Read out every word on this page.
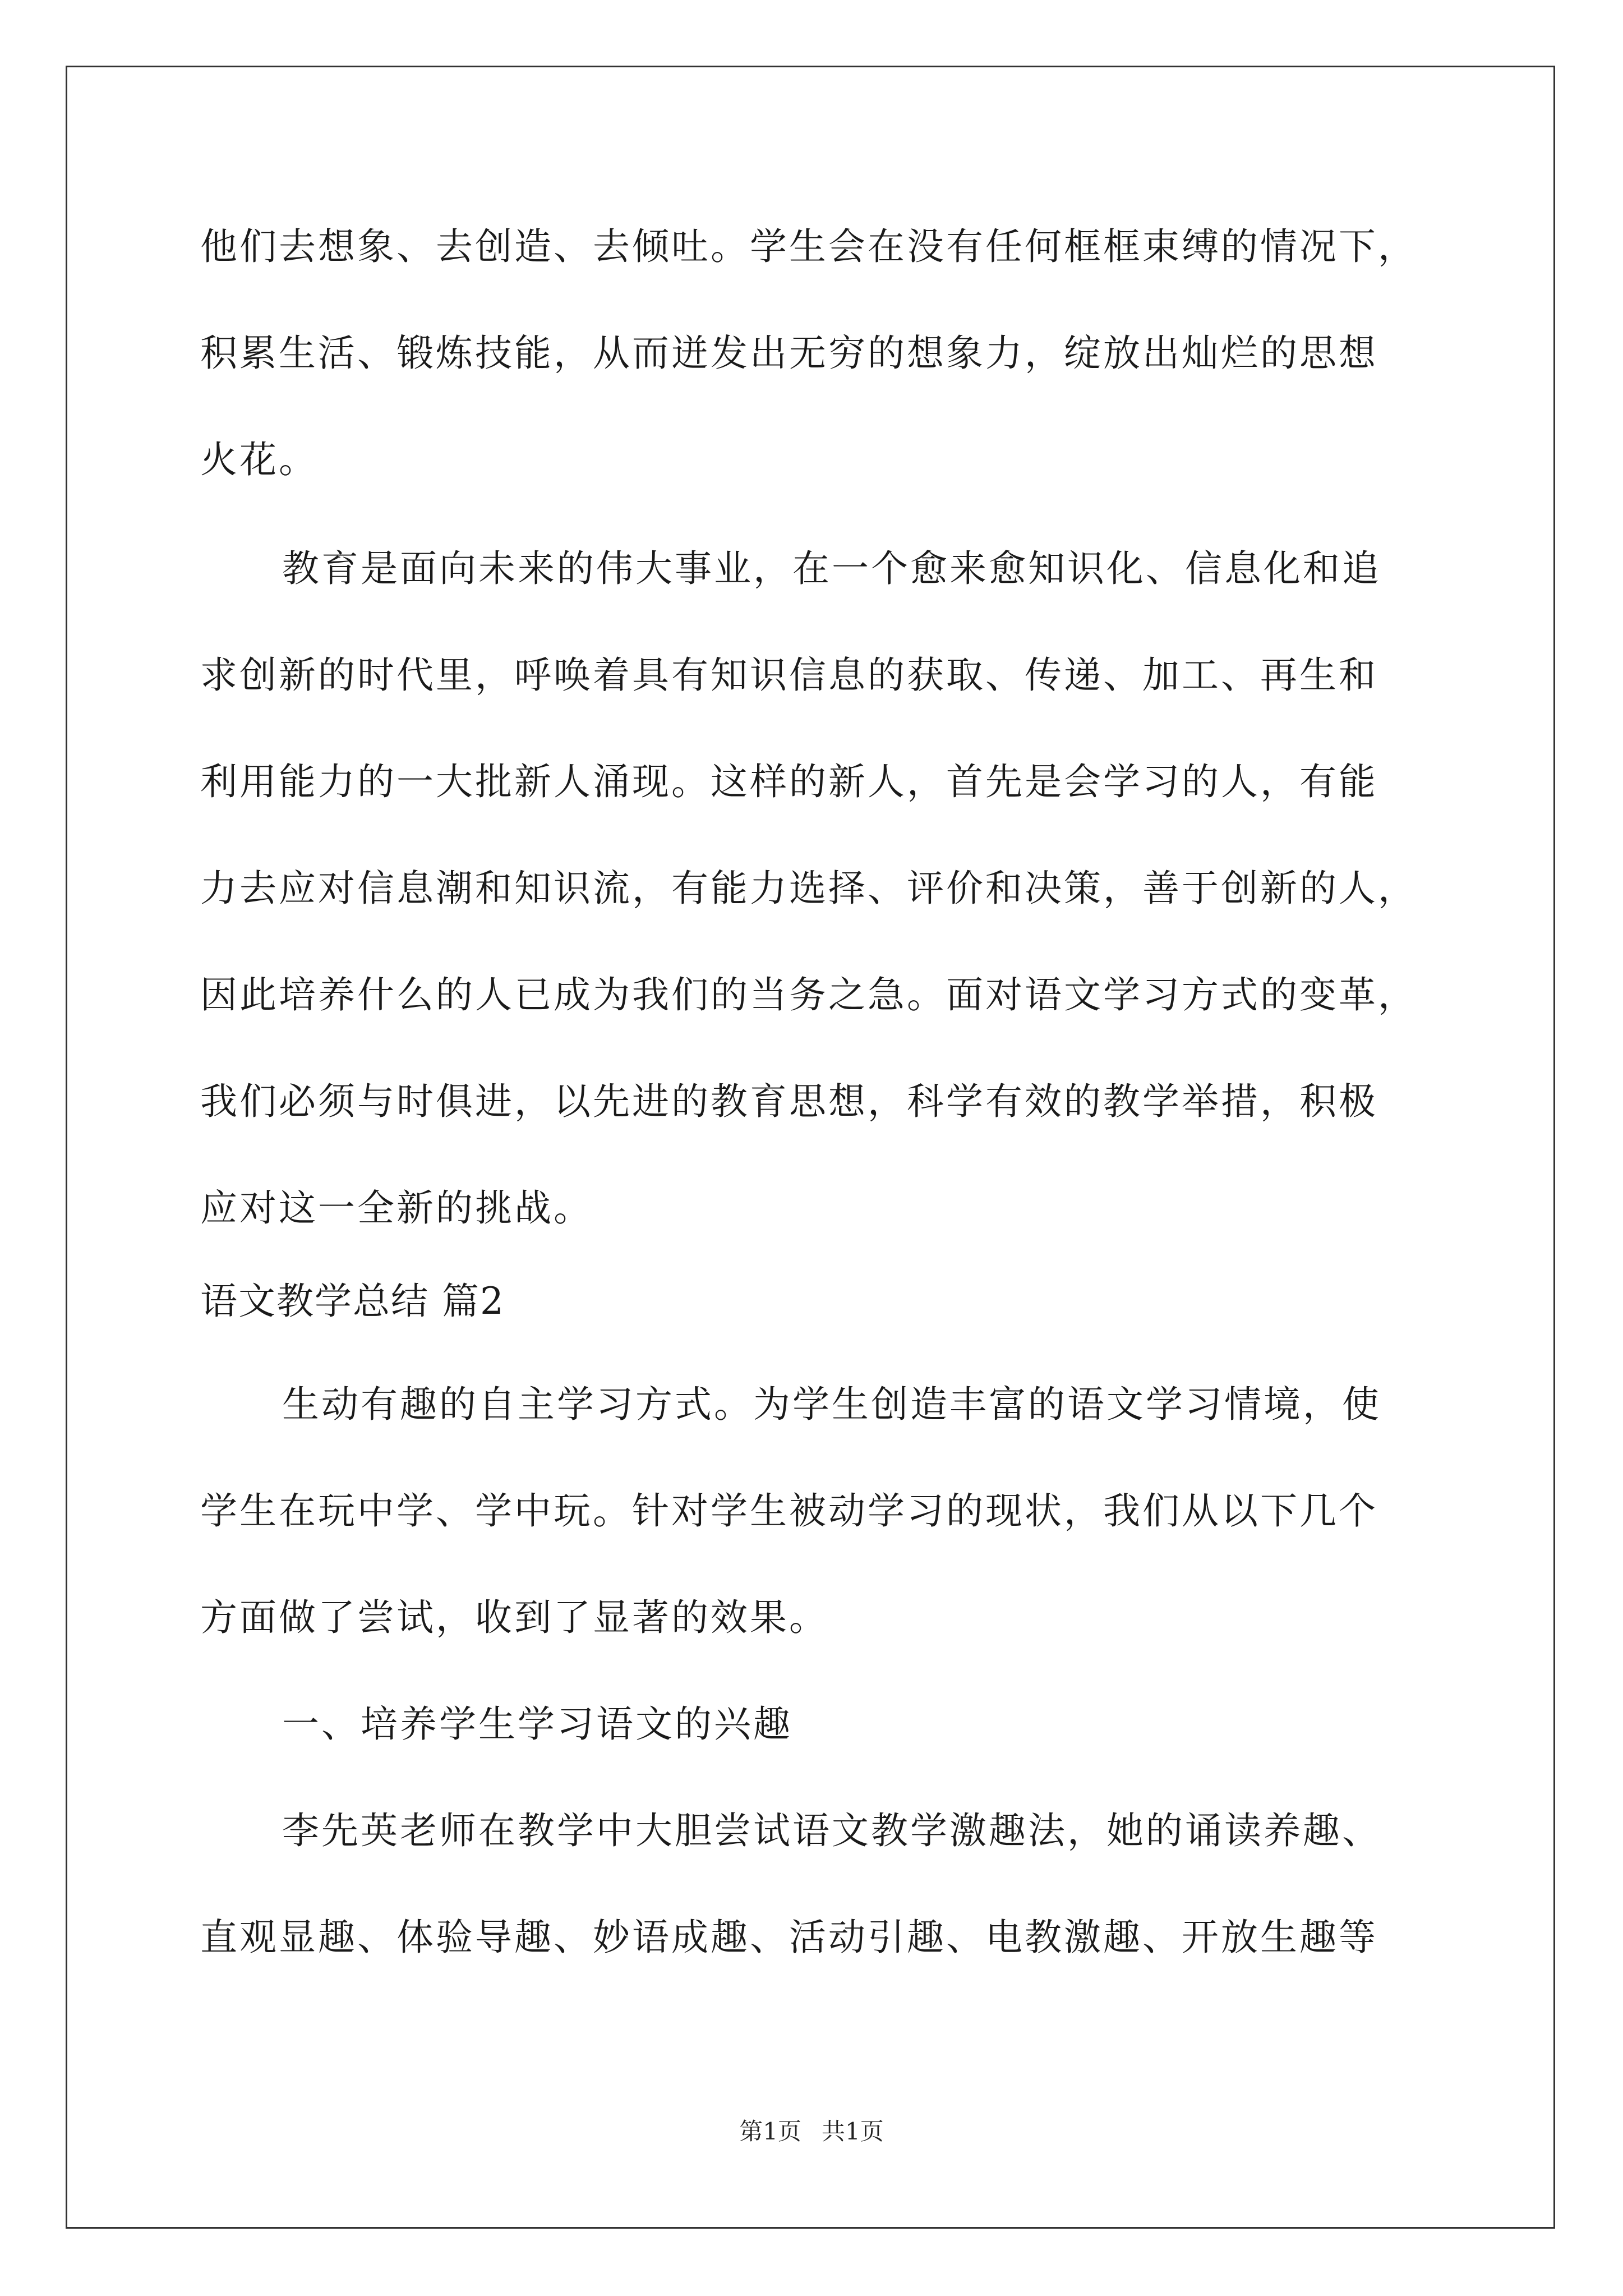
他们去想象、去创造、去倾吐。学生会在没有任何框框束缚的情况下，
积累生活、锻炼技能，从而迸发出无穷的想象力，绽放出灿烂的思想
火花。
教育是面向未来的伟大事业，在一个愈来愈知识化、信息化和追
求创新的时代里，呼唤着具有知识信息的获取、传递、加工、再生和
利用能力的一大批新人涌现。这样的新人，首先是会学习的人，有能
力去应对信息潮和知识流，有能力选择、评价和决策，善于创新的人，
因此培养什么的人已成为我们的当务之急。面对语文学习方式的变革，
我们必须与时俱进，以先进的教育思想，科学有效的教学举措，积极
应对这一全新的挑战。
语文教学总结 篇2
生动有趣的自主学习方式。为学生创造丰富的语文学习情境，使
学生在玩中学、学中玩。针对学生被动学习的现状，我们从以下几个
方面做了尝试，收到了显著的效果。
一、培养学生学习语文的兴趣
李先英老师在教学中大胆尝试语文教学激趣法，她的诵读养趣、
直观显趣、体验导趣、妙语成趣、活动引趣、电教激趣、开放生趣等
第1页 共1页
